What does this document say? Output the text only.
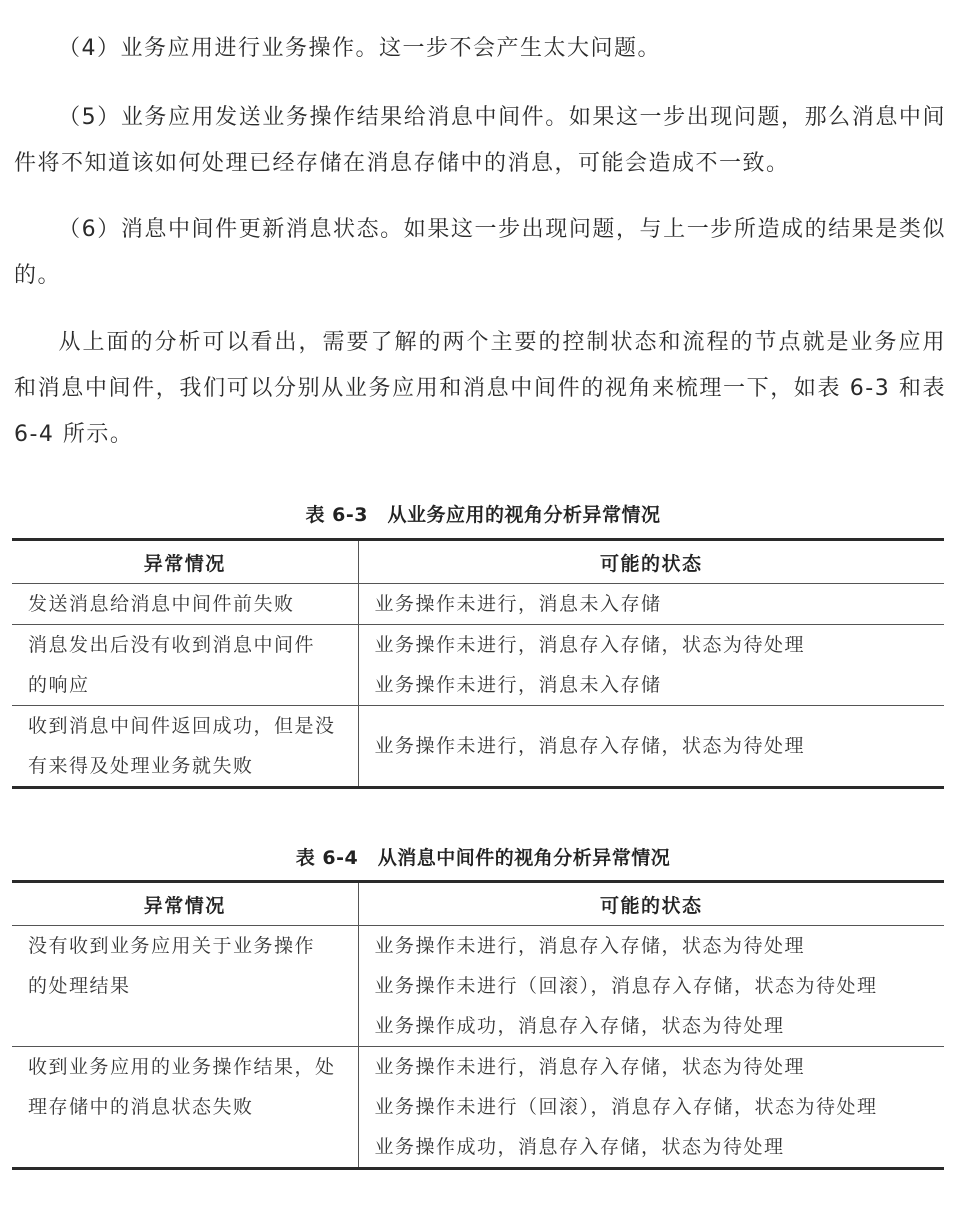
（4）业务应用进行业务操作。这一步不会产生太大问题。

（5）业务应用发送业务操作结果给消息中间件。如果这一步出现问题，那么消息中间件将不知道该如何处理已经存储在消息存储中的消息，可能会造成不一致。

（6）消息中间件更新消息状态。如果这一步出现问题，与上一步所造成的结果是类似的。

从上面的分析可以看出，需要了解的两个主要的控制状态和流程的节点就是业务应用和消息中间件，我们可以分别从业务应用和消息中间件的视角来梳理一下，如表 6-3 和表 6-4 所示。

表 6-3　从业务应用的视角分析异常情况
异常情况	可能的状态

发送消息给消息中间件前失败	业务操作未进行，消息未入存储

消息发出后没有收到消息中间件
的响应	业务操作未进行，消息存入存储，状态为待处理
业务操作未进行，消息未入存储

收到消息中间件返回成功，但是没
有来得及处理业务就失败	业务操作未进行，消息存入存储，状态为待处理
表 6-4　从消息中间件的视角分析异常情况
异常情况	可能的状态

没有收到业务应用关于业务操作
的处理结果	业务操作未进行，消息存入存储，状态为待处理
业务操作未进行（回滚），消息存入存储，状态为待处理
业务操作成功，消息存入存储，状态为待处理

收到业务应用的业务操作结果，处
理存储中的消息状态失败	业务操作未进行，消息存入存储，状态为待处理
业务操作未进行（回滚），消息存入存储，状态为待处理
业务操作成功，消息存入存储，状态为待处理
